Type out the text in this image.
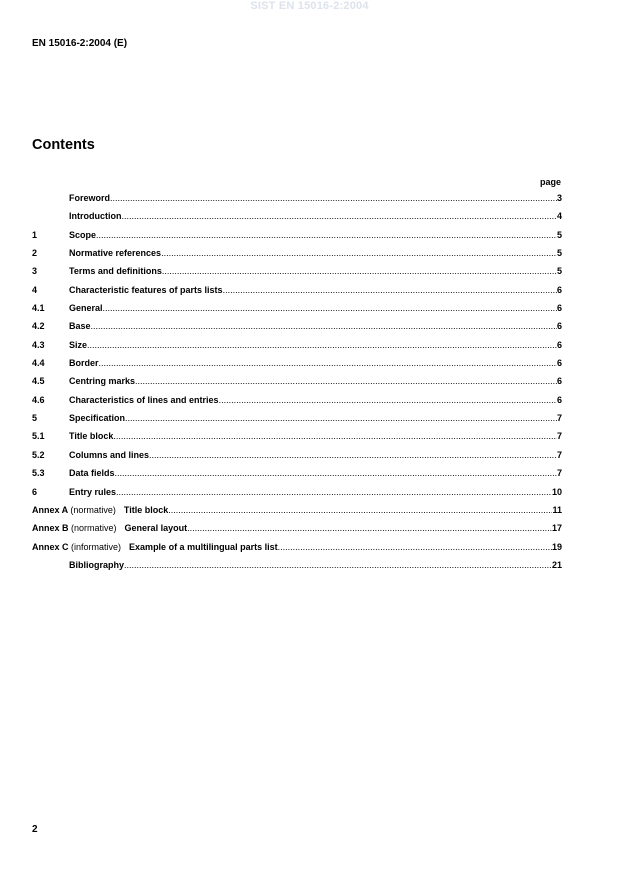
SIST EN 15016-2:2004
EN 15016-2:2004 (E)
Contents
page
Foreword .....	3
Introduction .....	4
1	Scope .....	5
2	Normative references .....	5
3	Terms and definitions .....	5
4	Characteristic features of parts lists .....	6
4.1	General .....	6
4.2	Base .....	6
4.3	Size .....	6
4.4	Border .....	6
4.5	Centring marks .....	6
4.6	Characteristics of lines and entries .....	6
5	Specification .....	7
5.1	Title block .....	7
5.2	Columns and lines .....	7
5.3	Data fields .....	7
6	Entry rules .....	10
Annex A (normative) Title block .....	11
Annex B (normative) General layout .....	17
Annex C (informative) Example of a multilingual parts list .....	19
Bibliography .....	21
2
